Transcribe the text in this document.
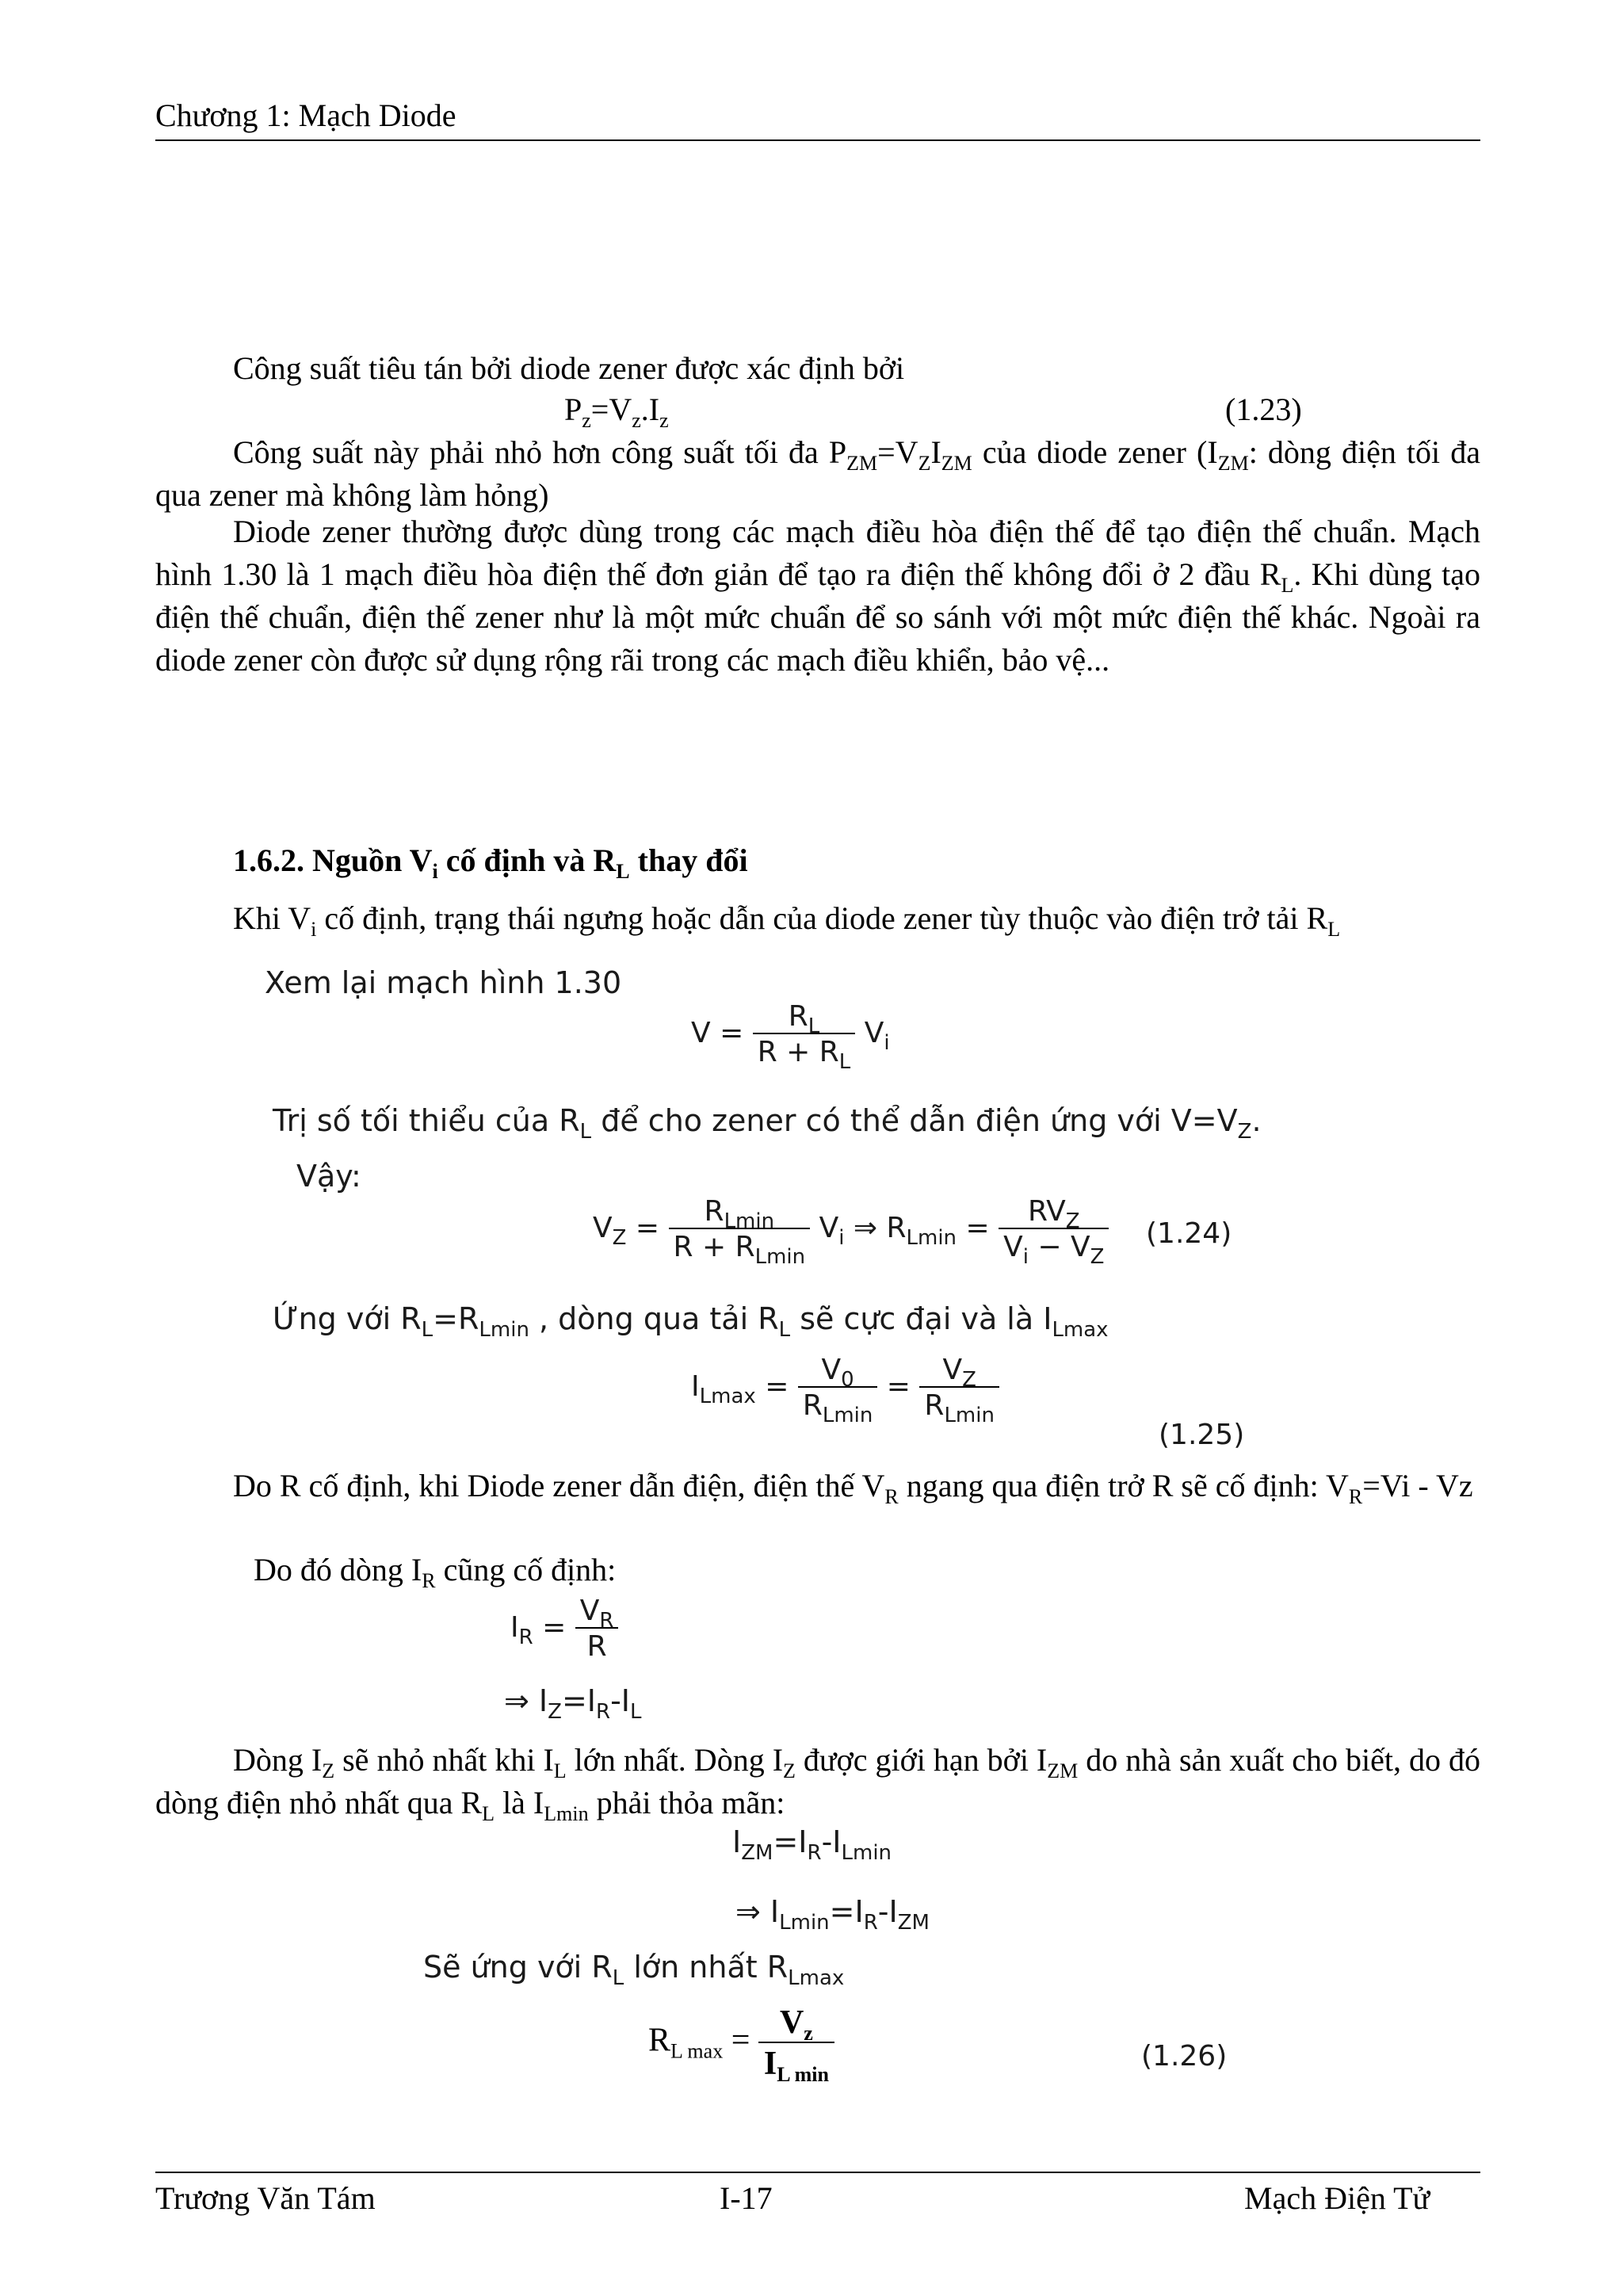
Chương 1: Mạch Diode
Công suất tiêu tán bởi diode zener được xác định bởi
$P_z=V_z.I_z$	(1.23)
Công suất này phải nhỏ hơn công suất tối đa $P_{ZM}=V_ZI_{ZM}$ của diode zener ($I_{ZM}$: dòng điện tối đa qua zener mà không làm hỏng)
Diode zener thường được dùng trong các mạch điều hòa điện thế để tạo điện thế chuẩn. Mạch hình 1.30 là 1 mạch điều hòa điện thế đơn giản để tạo ra điện thế không đổi ở 2 đầu $R_L$. Khi dùng tạo điện thế chuẩn, điện thế zener như là một mức chuẩn để so sánh với một mức điện thế khác. Ngoài ra diode zener còn được sử dụng rộng rãi trong các mạch điều khiển, bảo vệ...
1.6.2. Nguồn $V_i$ cố định và $R_L$ thay đổi
Khi $V_i$ cố định, trạng thái ngưng hoặc dẫn của diode zener tùy thuộc vào điện trở tải $R_L$
Xem lại mạch hình 1.30
$V = \frac{R_L}{R + R_L} V_i$
Trị số tối thiểu của $R_L$ để cho zener có thể dẫn điện ứng với $V=V_Z$.
Vậy:
$V_Z = \frac{R_{Lmin}}{R + R_{Lmin}} V_i$ ⇒ $R_{Lmin} = \frac{RV_Z}{V_i - V_Z} (1.24)$
Ứng với $R_L=R_{Lmin}$ , dòng qua tải $R_L$ sẽ cực đại và là $I_{Lmax}$
$I_{Lmax} = \frac{V_0}{R_{Lmin}} = \frac{V_Z}{R_{Lmin}}$
(1.25)
Do R cố định, khi Diode zener dẫn điện, điện thế $V_R$ ngang qua điện trở R sẽ cố định: $V_R=Vi - Vz$
Do đó dòng $I_R$ cũng cố định:
$I_R = \frac{V_R}{R}$
⇒ $I_Z=I_R-I_L$
Dòng $I_Z$ sẽ nhỏ nhất khi $I_L$ lớn nhất. Dòng $I_Z$ được giới hạn bởi $I_{ZM}$ do nhà sản xuất cho biết, do đó dòng điện nhỏ nhất qua $R_L$ là $I_{Lmin}$ phải thỏa mãn:
$I_{ZM}=I_R-I_{Lmin}$
⇒ $I_{Lmin}=I_R-I_{ZM}$
Sẽ ứng với $R_L$ lớn nhất $R_{Lmax}$
$R_{L max} = \frac{V_z}{I_{L min}}$	(1.26)
Trương Văn Tám	I-17	Mạch Điện Tử
